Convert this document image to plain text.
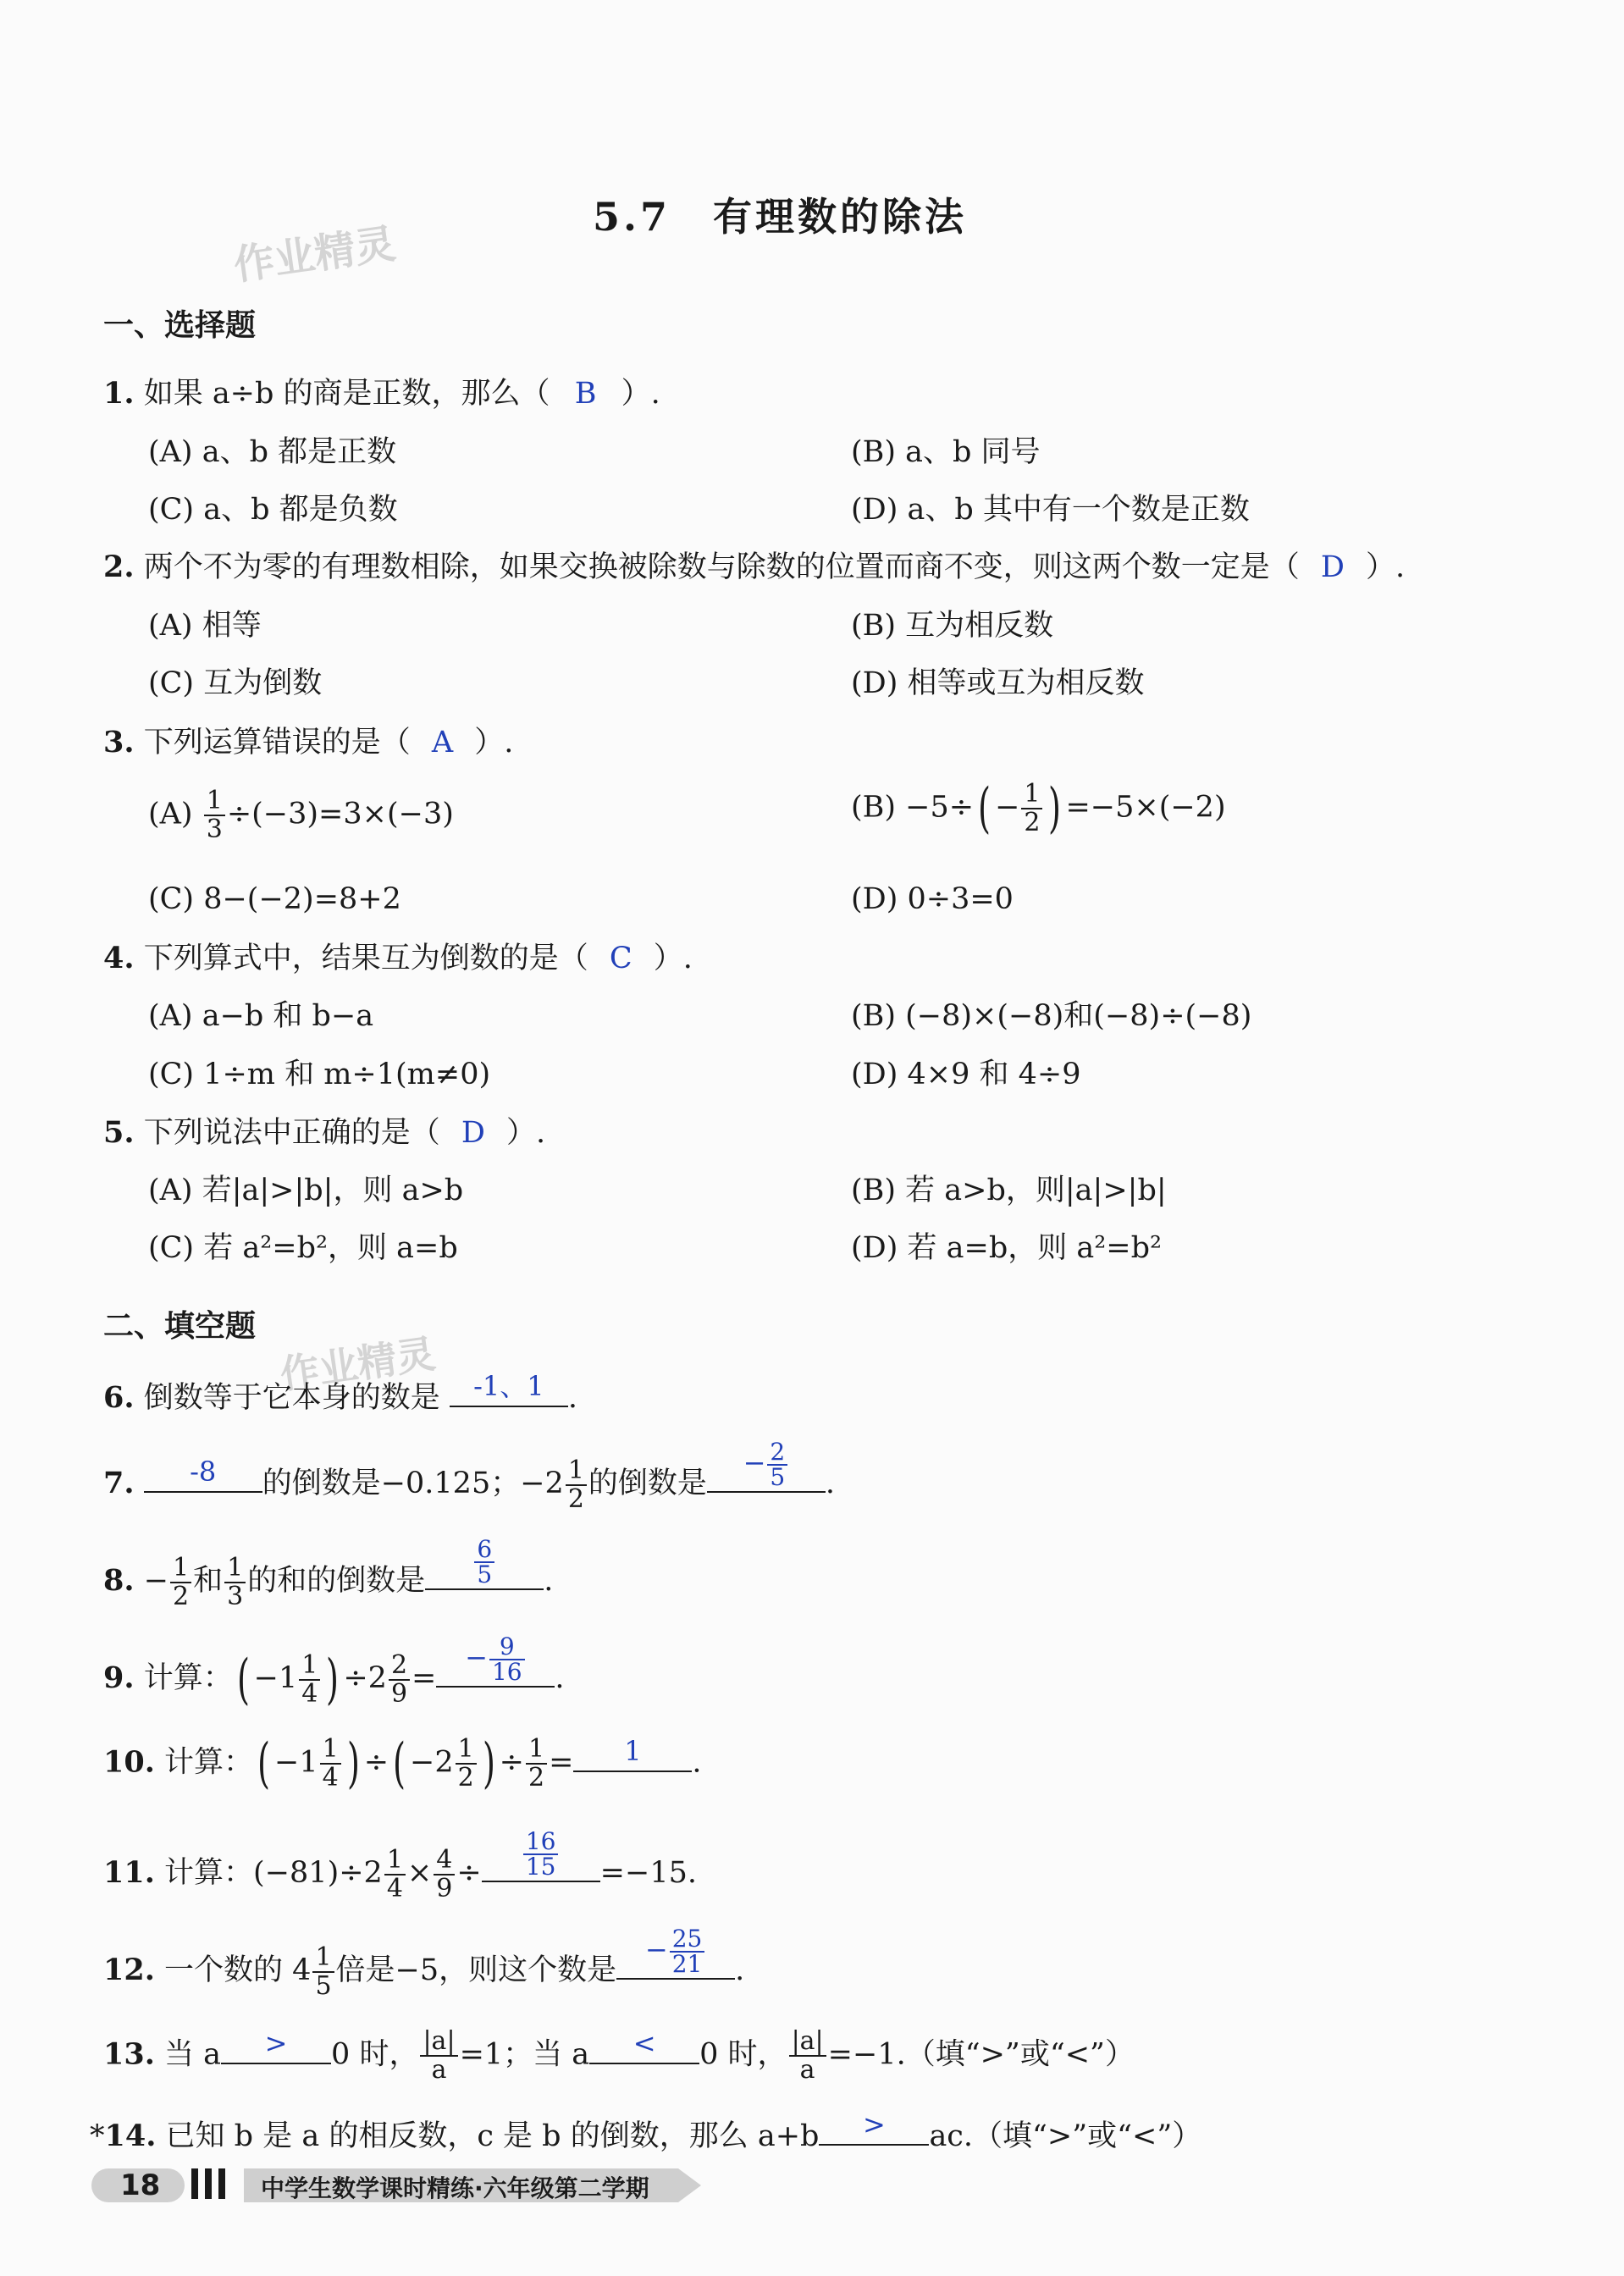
作业精灵
作业精灵
5.7　有理数的除法
一、选择题
1. 如果 a÷b 的商是正数，那么（ B ）.
(A) a、b 都是正数	(B) a、b 同号
(C) a、b 都是负数	(D) a、b 其中有一个数是正数
2. 两个不为零的有理数相除，如果交换被除数与除数的位置而商不变，则这两个数一定是（ D ）.
(A) 相等	(B) 互为相反数
(C) 互为倒数	(D) 相等或互为相反数
3. 下列运算错误的是（ A ）.
$(A) \frac{1}{3} \div(-3)=3\times(-3)$	$(B) -5\div( - \frac{1}{2}$ ) =−5×(−2)
(C) 8−(−2)=8+2	(D) 0÷3=0
4. 下列算式中，结果互为倒数的是（ C ）.
(A) a−b 和 b−a	(B) (−8)×(−8)和(−8)÷(−8)
(C) 1÷m 和 m÷1(m≠0)	(D) 4×9 和 4÷9
5. 下列说法中正确的是（ D ）.
(A) 若|a|>|b|，则 a>b	(B) 若 a>b，则|a|>|b|
(C) 若 a²=b²，则 a=b	(D) 若 a=b，则 a²=b²
二、填空题
6. 倒数等于它本身的数是	-1、1 .
7.	-8	的倒数是−0.125；$-2 \frac{1}{2}$ 的倒数是
− $\frac{2}{5}$ .
8. − $\frac{1}{2}$ 和 $\frac{1}{3}$ 的和的倒数是 $\frac{6}{5}$ .
9. 计算：( $-1 \frac{1}{4}$ ) $\div 2 \frac{2}{9}$ =
− $\frac{9}{16}$ .
10. 计算：( $-1 \frac{1}{4}$ ) ÷( $-2 \frac{1}{2}$ ) ÷ $\frac{1}{2}$ =	1	.
11. 计算：$(-81)\div 2 \frac{1}{4} \times \frac{4}{9} \div \frac{16}{15} =-15$.
12. 一个数的 $4 \frac{1}{5}$ 倍是−5，则这个数是
− $\frac{25}{21}$ .
13. 当 a	>	0 时， $\frac{|a|}{a} =1$；当 a	<	0 时， $\frac{|a|}{a} =-1$.（填“>”或“<”）
*14. 已知 b 是 a 的相反数，c 是 b 的倒数，那么 a+b	>	ac.（填“>”或“<”）
18	中学生数学课时精练·六年级第二学期
